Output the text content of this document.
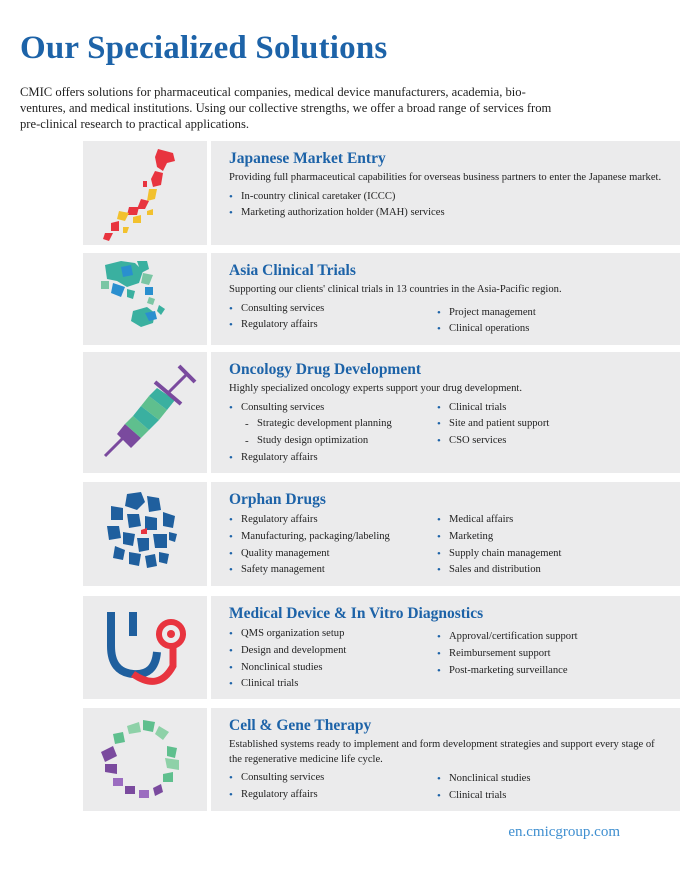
Our Specialized Solutions

CMIC offers solutions for pharmaceutical companies, medical device manufacturers, academia, bio-ventures, and medical institutions. Using our collective strengths, we offer a broad range of services from pre-clinical research to practical applications.

Japanese Market Entry
Providing full pharmaceutical capabilities for overseas business partners to enter the Japanese market.
• In-country clinical caretaker (ICCC)
• Marketing authorization holder (MAH) services
Asia Clinical Trials
Supporting our clients' clinical trials in 13 countries in the Asia-Pacific region.
• Consulting services
• Regulatory affairs
• Project management
• Clinical operations
Oncology Drug Development
Highly specialized oncology experts support your drug development.
• Consulting services
- Strategic development planning
- Study design optimization
• Regulatory affairs
• Clinical trials
• Site and patient support
• CSO services
Orphan Drugs
• Regulatory affairs
• Manufacturing, packaging/labeling
• Quality management
• Safety management
• Medical affairs
• Marketing
• Supply chain management
• Sales and distribution
Medical Device & In Vitro Diagnostics
• QMS organization setup
• Design and development
• Nonclinical studies
• Clinical trials
• Approval/certification support
• Reimbursement support
• Post-marketing surveillance
Cell & Gene Therapy
Established systems ready to implement and form development strategies and support every stage of the regenerative medicine life cycle.
• Consulting services
• Regulatory affairs
• Nonclinical studies
• Clinical trials
en.cmicgroup.com
